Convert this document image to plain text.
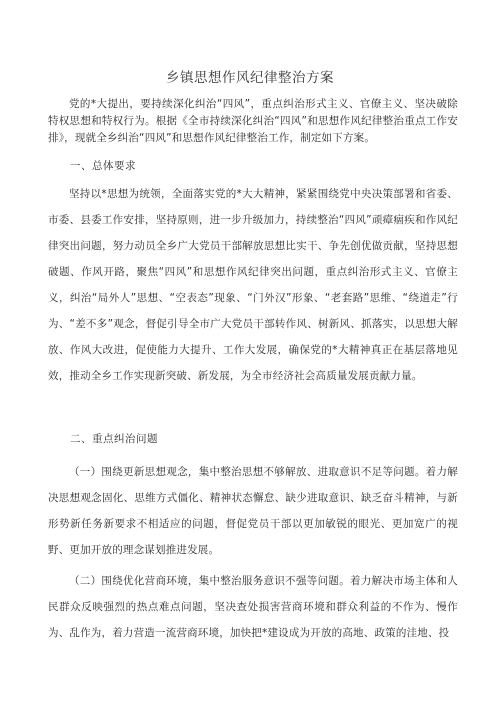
乡镇思想作风纪律整治方案
党的*大提出，要持续深化纠治“四风”，重点纠治形式主义、官僚主义、坚决破除特权思想和特权行为。根据《全市持续深化纠治“四风”和思想作风纪律整治重点工作安排》，现就全乡纠治“四风”和思想作风纪律整治工作，制定如下方案。
一、总体要求
坚持以*思想为统领，全面落实党的*大大精神，紧紧围绕党中央决策部署和省委、市委、县委工作安排，坚持原则，进一步升级加力，持续整治“四风”顽瘴痼疾和作风纪律突出问题，努力动员全乡广大党员干部解放思想比实干、争先创优做贡献，坚持思想破题、作风开路，聚焦“四风”和思想作风纪律突出问题，重点纠治形式主义、官僚主义，纠治“局外人”思想、“空表态”现象、“门外汉”形象、“老套路”思维、“绕道走”行为、“差不多”观念，督促引导全市广大党员干部转作风、树新风、抓落实，以思想大解放、作风大改进，促使能力大提升、工作大发展，确保党的*大精神真正在基层落地见效，推动全乡工作实现新突破、新发展，为全市经济社会高质量发展贡献力量。
二、重点纠治问题
（一）围绕更新思想观念，集中整治思想不够解放、进取意识不足等问题。着力解决思想观念固化、思维方式僵化、精神状态懈怠、缺少进取意识、缺乏奋斗精神，与新形势新任务新要求不相适应的问题，督促党员干部以更加敏锐的眼光、更加宽广的视野、更加开放的理念谋划推进发展。
（二）围绕优化营商环境，集中整治服务意识不强等问题。着力解决市场主体和人民群众反映强烈的热点难点问题，坚决查处损害营商环境和群众利益的不作为、慢作为、乱作为，着力营造一流营商环境，加快把*建设成为开放的高地、政策的洼地、投
